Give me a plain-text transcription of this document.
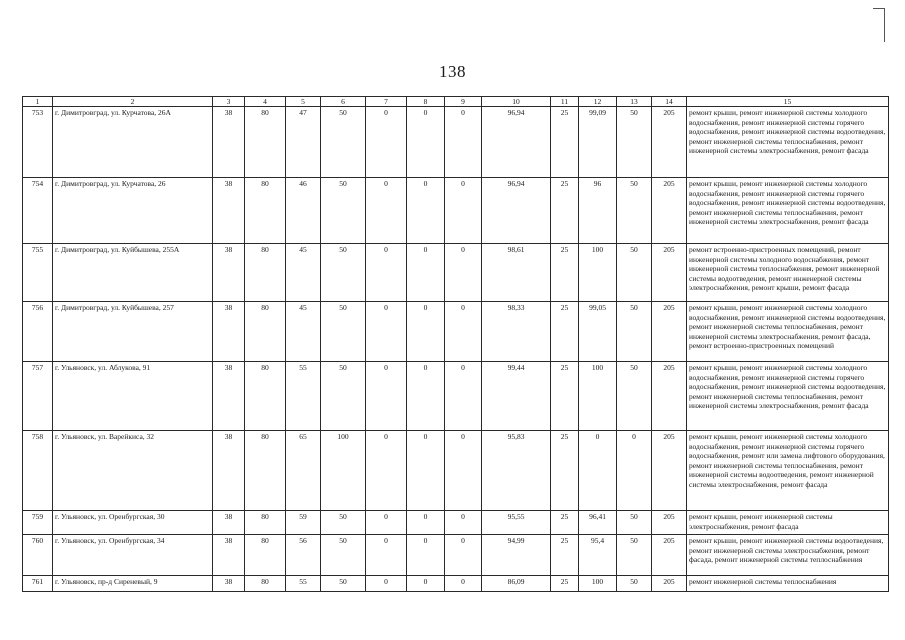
138
1	2	3	4	5	6	7	8	9	10	11	12	13	14	15
753	г. Димитровград, ул. Курчатова, 26А	38	80	47	50	0	0	0	96,94	25	99,09	50	205	ремонт крыши, ремонт инженерной системы холодного водоснабжения, ремонт инженерной системы горячего водоснабжения, ремонт инженерной системы водоотведения, ремонт инженерной системы теплоснабжения, ремонт инженерной системы электроснабжения, ремонт фасада
754	г. Димитровград, ул. Курчатова, 26	38	80	46	50	0	0	0	96,94	25	96	50	205	ремонт крыши, ремонт инженерной системы холодного водоснабжения, ремонт инженерной системы горячего водоснабжения, ремонт инженерной системы водоотведения, ремонт инженерной системы теплоснабжения, ремонт инженерной системы электроснабжения, ремонт фасада
755	г. Димитровград, ул. Куйбышева, 255А	38	80	45	50	0	0	0	98,61	25	100	50	205	ремонт встроенно-пристроенных помещений, ремонт инженерной системы холодного водоснабжения, ремонт инженерной системы теплоснабжения, ремонт инженерной системы водоотведения, ремонт инженерной системы электроснабжения, ремонт крыши, ремонт фасада
756	г. Димитровград, ул. Куйбышева, 257	38	80	45	50	0	0	0	98,33	25	99,05	50	205	ремонт крыши, ремонт инженерной системы холодного водоснабжения, ремонт инженерной системы водоотведения, ремонт инженерной системы теплоснабжения, ремонт инженерной системы электроснабжения, ремонт фасада, ремонт встроенно-пристроенных помещений
757	г. Ульяновск, ул. Аблукова, 91	38	80	55	50	0	0	0	99,44	25	100	50	205	ремонт крыши, ремонт инженерной системы холодного водоснабжения, ремонт инженерной системы горячего водоснабжения, ремонт инженерной системы водоотведения, ремонт инженерной системы теплоснабжения, ремонт инженерной системы электроснабжения, ремонт фасада
758	г. Ульяновск, ул. Варейкиса, 32	38	80	65	100	0	0	0	95,83	25	0	0	205	ремонт крыши, ремонт инженерной системы холодного водоснабжения, ремонт инженерной системы горячего водоснабжения, ремонт или замена лифтового оборудования, ремонт инженерной системы теплоснабжения, ремонт инженерной системы водоотведения, ремонт инженерной системы электроснабжения, ремонт фасада
759	г. Ульяновск, ул. Оренбургская, 30	38	80	59	50	0	0	0	95,55	25	96,41	50	205	ремонт крыши, ремонт инженерной системы электроснабжения, ремонт фасада
760	г. Ульяновск, ул. Оренбургская, 34	38	80	56	50	0	0	0	94,99	25	95,4	50	205	ремонт крыши, ремонт инженерной системы водоотведения, ремонт инженерной системы электроснабжения, ремонт фасада, ремонт инженерной системы теплоснабжения
761	г. Ульяновск, пр-д Сиреневый, 9	38	80	55	50	0	0	0	86,09	25	100	50	205	ремонт инженерной системы теплоснабжения
